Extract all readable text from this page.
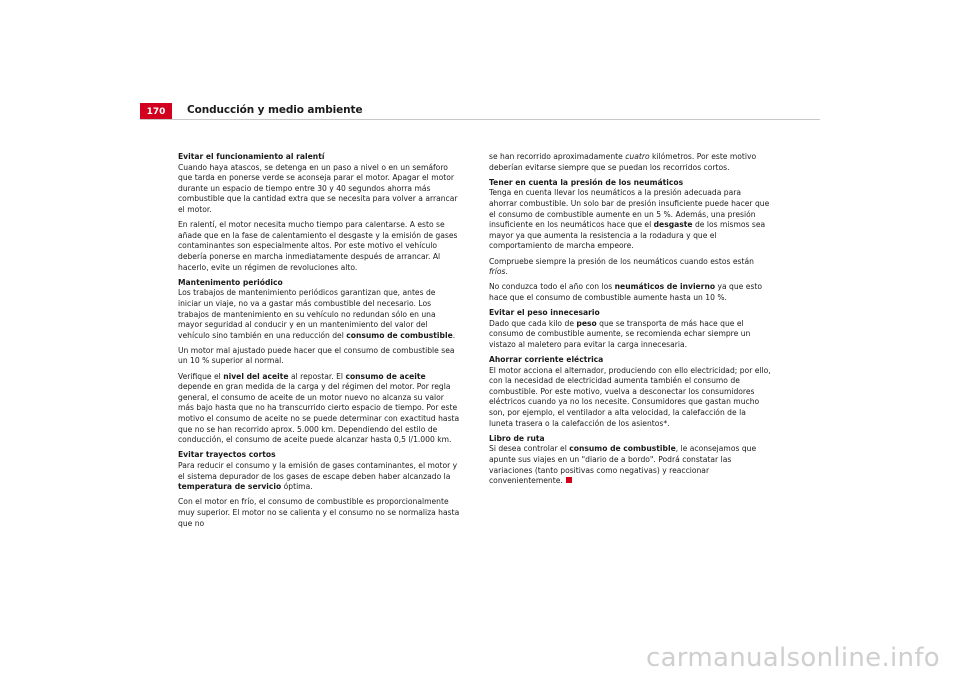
170	Conducción y medio ambiente
Evitar el funcionamiento al ralentí

Cuando haya atascos, se detenga en un paso a nivel o en un semáforo que tarda en ponerse verde se aconseja parar el motor. Apagar el motor durante un espacio de tiempo entre 30 y 40 segundos ahorra más combustible que la cantidad extra que se necesita para volver a arrancar el motor.

En ralentí, el motor necesita mucho tiempo para calentarse. A esto se añade que en la fase de calentamiento el desgaste y la emisión de gases contaminantes son especialmente altos. Por este motivo el vehículo debería ponerse en marcha inmediatamente después de arrancar. Al hacerlo, evite un régimen de revoluciones alto.

Mantenimento periódico

Los trabajos de mantenimiento periódicos garantizan que, antes de iniciar un viaje, no va a gastar más combustible del necesario. Los trabajos de mantenimiento en su vehículo no redundan sólo en una mayor seguridad al conducir y en un mantenimiento del valor del vehículo sino también en una reducción del consumo de combustible.

Un motor mal ajustado puede hacer que el consumo de combustible sea un 10 % superior al normal.

Verifique el nivel del aceite al repostar. El consumo de aceite depende en gran medida de la carga y del régimen del motor. Por regla general, el consumo de aceite de un motor nuevo no alcanza su valor más bajo hasta que no ha transcurrido cierto espacio de tiempo. Por este motivo el consumo de aceite no se puede determinar con exactitud hasta que no se han recorrido aprox. 5.000 km. Dependiendo del estilo de conducción, el consumo de aceite puede alcanzar hasta 0,5 l/1.000 km.

Evitar trayectos cortos

Para reducir el consumo y la emisión de gases contaminantes, el motor y el sistema depurador de los gases de escape deben haber alcanzado la temperatura de servicio óptima.

Con el motor en frío, el consumo de combustible es proporcionalmente muy superior. El motor no se calienta y el consumo no se normaliza hasta que no

se han recorrido aproximadamente cuatro kilómetros. Por este motivo deberían evitarse siempre que se puedan los recorridos cortos.

Tener en cuenta la presión de los neumáticos

Tenga en cuenta llevar los neumáticos a la presión adecuada para ahorrar combustible. Un solo bar de presión insuficiente puede hacer que el consumo de combustible aumente en un 5 %. Además, una presión insuficiente en los neumáticos hace que el desgaste de los mismos sea mayor ya que aumenta la resistencia a la rodadura y que el comportamiento de marcha empeore.

Compruebe siempre la presión de los neumáticos cuando estos están fríos.

No conduzca todo el año con los neumáticos de invierno ya que esto hace que el consumo de combustible aumente hasta un 10 %.

Evitar el peso innecesario

Dado que cada kilo de peso que se transporta de más hace que el consumo de combustible aumente, se recomienda echar siempre un vistazo al maletero para evitar la carga innecesaria.

Ahorrar corriente eléctrica

El motor acciona el alternador, produciendo con ello electricidad; por ello, con la necesidad de electricidad aumenta también el consumo de combustible. Por este motivo, vuelva a desconectar los consumidores eléctricos cuando ya no los necesite. Consumidores que gastan mucho son, por ejemplo, el ventilador a alta velocidad, la calefacción de la luneta trasera o la calefacción de los asientos*.

Libro de ruta

Si desea controlar el consumo de combustible, le aconsejamos que apunte sus viajes en un "diario de a bordo". Podrá constatar las variaciones (tanto positivas como negativas) y reaccionar convenientemente.

carmanualsonline.info
